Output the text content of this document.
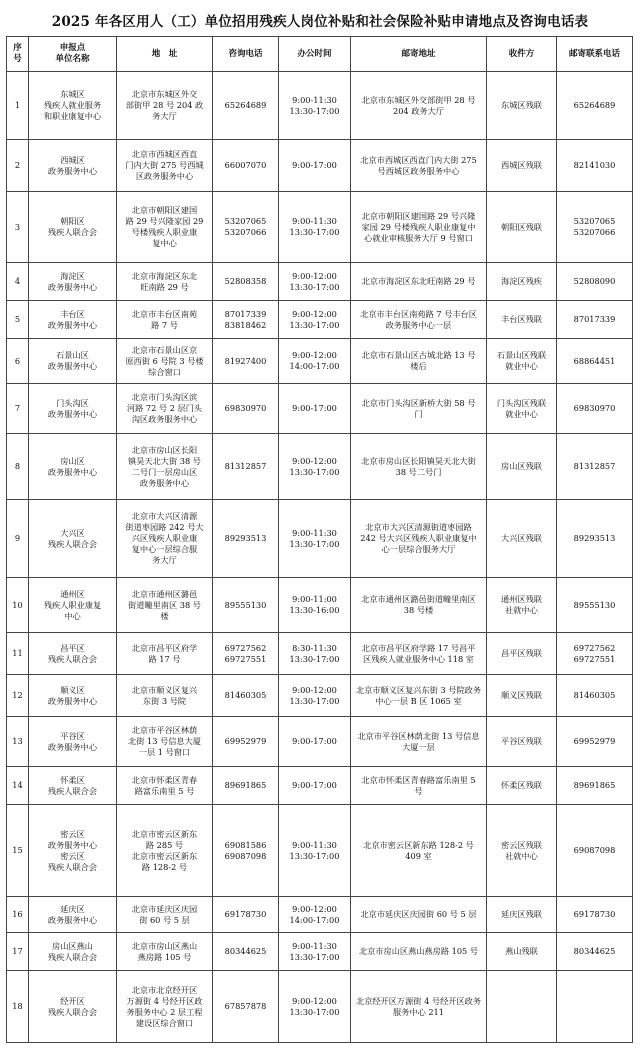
2025 年各区用人（工）单位招用残疾人岗位补贴和社会保险补贴申请地点及咨询电话表
序
号	申报点
单位名称	地　址	咨询电话	办公时间	邮寄地址	收件方	邮寄联系电话
1	东城区
残疾人就业服务
和职业康复中心	北京市东城区外交
部街甲 28 号 204 政
务大厅	65264689	9:00-11:30
13:30-17:00	北京市东城区外交部街甲 28 号
204 政务大厅	东城区残联	65264689
2	西城区
政务服务中心	北京市西城区西直
门内大街 275 号西城
区政务服务中心	66007070	9:00-17:00	北京市西城区西直门内大街 275
号西城区政务服务中心	西城区残联	82141030
3	朝阳区
残疾人联合会	北京市朝阳区建国
路 29 号兴隆家园 29
号楼残疾人职业康
复中心	53207065
53207066	9:00-11:30
13:30-17:00	北京市朝阳区建国路 29 号兴隆
家园 29 号楼残疾人职业康复中
心就业审核服务大厅 9 号窗口	朝阳区残联	53207065
53207066
4	海淀区
政务服务中心	北京市海淀区东北
旺南路 29 号	52808358	9:00-12:00
13:30-17:00	北京市海淀区东北旺南路 29 号	海淀区残疾	52808090
5	丰台区
政务服务中心	北京市丰台区南苑
路 7 号	87017339
83818462	9:00-12:00
13:30-17:00	北京市丰台区南苑路 7 号丰台区
政务服务中心一层	丰台区残联	87017339
6	石景山区
政务服务中心	北京市石景山区京
原西街 6 号院 3 号楼
综合窗口	81927400	9:00-12:00
14:00-17:00	北京市石景山区古城北路 13 号
楼后	石景山区残联
就业中心	68864451
7	门头沟区
政务服务中心	北京市门头沟区滨
河路 72 号 2 层门头
沟区政务服务中心	69830970	9:00-17:00	北京市门头沟区新桥大街 58 号
门	门头沟区残联
就业中心	69830970
8	房山区
政务服务中心	北京市房山区长阳
镇昊天北大街 38 号
二号门一层房山区
政务服务中心	81312857	9:00-12:00
13:30-17:00	北京市房山区长阳镇昊天北大街
38 号二号门	房山区残联	81312857
9	大兴区
残疾人联合会	北京市大兴区清源
街道枣园路 242 号大
兴区残疾人职业康
复中心一层综合服
务大厅	89293513	9:00-11:30
13:30-17:00	北京市大兴区清源街道枣园路
242 号大兴区残疾人职业康复中
心一层综合服务大厅	大兴区残联	89293513
10	通州区
残疾人职业康复
中心	北京市通州区潞邑
街道疃里南区 38 号
楼	89555130	9:00-11:00
13:30-16:00	北京市通州区潞邑街道疃里南区
38 号楼	通州区残联
社就中心	89555130
11	昌平区
残疾人联合会	北京市昌平区府学
路 17 号	69727562
69727551	8:30-11:30
13:30-17:00	北京市昌平区府学路 17 号昌平
区残疾人就业服务中心 118 室	昌平区残联	69727562
69727551
12	顺义区
政务服务中心	北京市顺义区复兴
东街 3 号院	81460305	9:00-12:00
13:30-17:00	北京市顺义区复兴东街 3 号院政务
中心一层 B 区 1065 室	顺义区残联	81460305
13	平谷区
政务服务中心	北京市平谷区林荫
北街 13 号信息大厦
一层 1 号窗口	69952979	9:00-17:00	北京市平谷区林荫北街 13 号信息
大厦一层	平谷区残联	69952979
14	怀柔区
残疾人联合会	北京市怀柔区青春
路富乐南里 5 号	89691865	9:00-17:00	北京市怀柔区青春路富乐南里 5
号	怀柔区残联	89691865
15	密云区
政务服务中心
密云区
残疾人联合会	北京市密云区新东
路 285 号
北京市密云区新东
路 128-2 号	69081586
69087098	9:00-11:30
13:30-17:00	北京市密云区新东路 128-2 号
409 室	密云区残联
社就中心	69087098
16	延庆区
政务服务中心	北京市延庆区庆园
街 60 号 5 层	69178730	9:00-12:00
14:00-17:00	北京市延庆区庆园街 60 号 5 层	延庆区残联	69178730
17	房山区燕山
残疾人联合会	北京市房山区燕山
燕房路 105 号	80344625	9:00-11:30
13:30-17:00	北京市房山区燕山燕房路 105 号	燕山残联	80344625
18	经开区
残疾人联合会	北京市北京经开区
万源街 4 号经开区政
务服务中心 2 层工程
建设区综合窗口	67857878	9:00-12:00
13:30-17:00	北京经开区万源街 4 号经开区政务
服务中心 211		
